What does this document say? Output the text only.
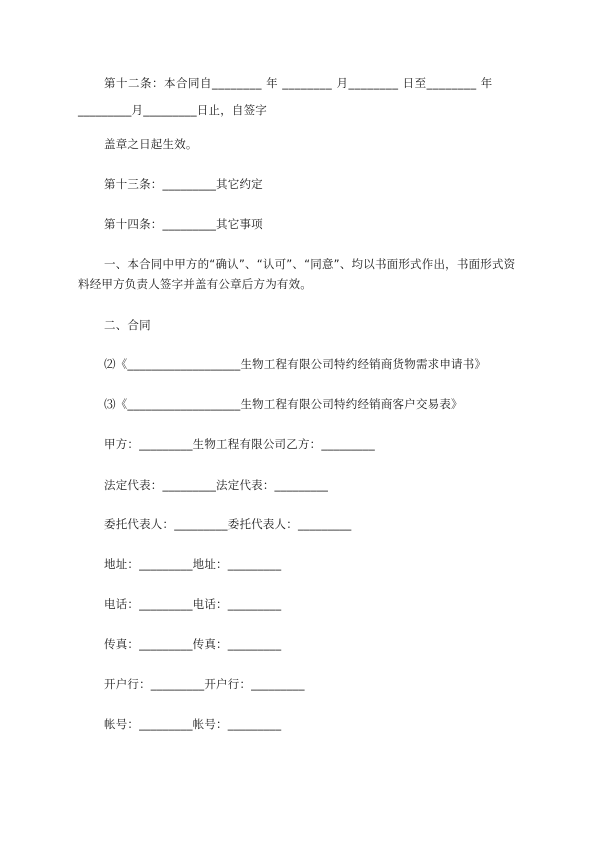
第十二条：本合同自________ 年 ________ 月________ 日至________ 年
_________月_________日止，自签字
盖章之日起生效。
第十三条：_________其它约定
第十四条：_________其它事项
一、本合同中甲方的“确认”、“认可”、“同意”、均以书面形式作出，书面形式资
料经甲方负责人签字并盖有公章后方为有效。
二、合同
⑵《___________________生物工程有限公司特约经销商货物需求申请书》
⑶《___________________生物工程有限公司特约经销商客户交易表》
甲方：_________生物工程有限公司乙方：_________
法定代表：_________法定代表：_________
委托代表人：_________委托代表人：_________
地址：_________地址：_________
电话：_________电话：_________
传真：_________传真：_________
开户行：_________开户行：_________
帐号：_________帐号：_________
